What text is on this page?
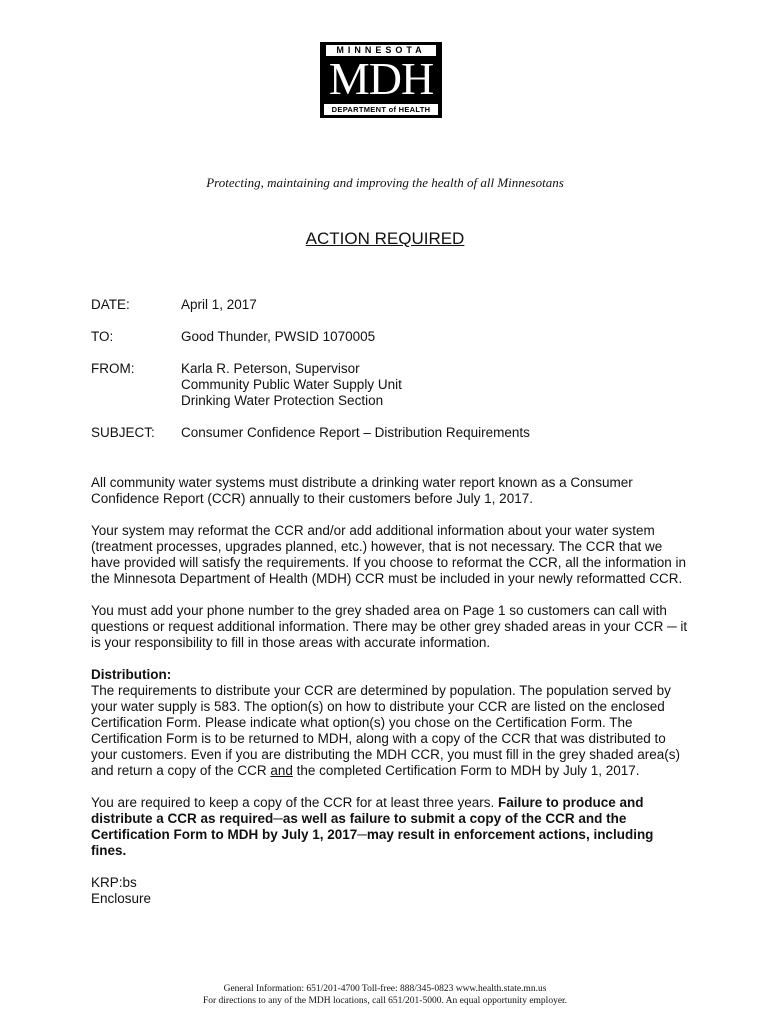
MINNESOTA
MDH
DEPARTMENT of HEALTH
Protecting, maintaining and improving the health of all Minnesotans
ACTION REQUIRED
DATE:	April 1, 2017
TO:	Good Thunder, PWSID 1070005
FROM:	Karla R. Peterson, Supervisor
Community Public Water Supply Unit
Drinking Water Protection Section
SUBJECT:	Consumer Confidence Report – Distribution Requirements

All community water systems must distribute a drinking water report known as a Consumer Confidence Report (CCR) annually to their customers before July 1, 2017.

Your system may reformat the CCR and/or add additional information about your water system (treatment processes, upgrades planned, etc.) however, that is not necessary. The CCR that we have provided will satisfy the requirements. If you choose to reformat the CCR, all the information in the Minnesota Department of Health (MDH) CCR must be included in your newly reformatted CCR.

You must add your phone number to the grey shaded area on Page 1 so customers can call with questions or request additional information. There may be other grey shaded areas in your CCR ─ it is your responsibility to fill in those areas with accurate information.

Distribution:
The requirements to distribute your CCR are determined by population. The population served by your water supply is 583. The option(s) on how to distribute your CCR are listed on the enclosed Certification Form. Please indicate what option(s) you chose on the Certification Form. The Certification Form is to be returned to MDH, along with a copy of the CCR that was distributed to your customers. Even if you are distributing the MDH CCR, you must fill in the grey shaded area(s) and return a copy of the CCR and the completed Certification Form to MDH by July 1, 2017.

You are required to keep a copy of the CCR for at least three years. Failure to produce and distribute a CCR as required─as well as failure to submit a copy of the CCR and the Certification Form to MDH by July 1, 2017─may result in enforcement actions, including fines.

KRP:bs
Enclosure

General Information: 651/201-4700 Toll-free: 888/345-0823 www.health.state.mn.us
For directions to any of the MDH locations, call 651/201-5000. An equal opportunity employer.
